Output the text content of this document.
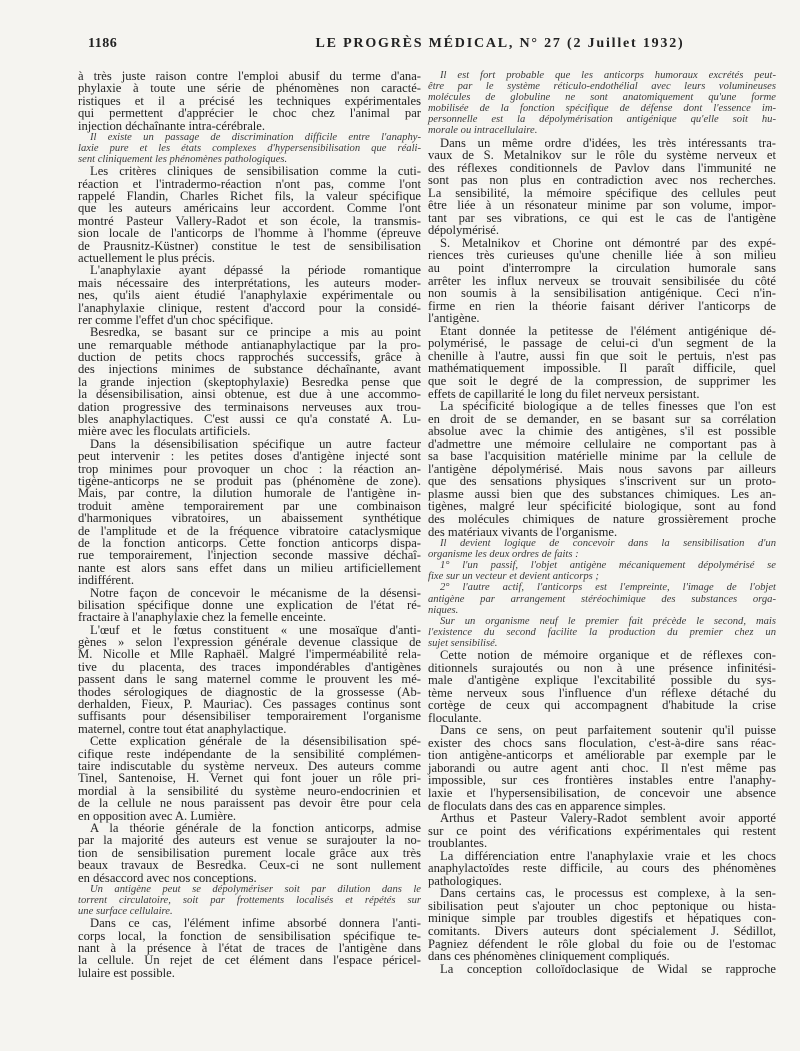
1186	LE PROGRÈS MÉDICAL, N° 27 (2 Juillet 1932)
à très juste raison contre l'emploi abusif du terme d'ana-
phylaxie à toute une série de phénomènes non caracté-
ristiques et il a précisé les techniques expérimentales
qui permettent d'apprécier le choc chez l'animal par
injection déchaînante intra-cérébrale.
Il existe un passage de discrimination difficile entre l'anaphy-
laxie pure et les états complexes d'hypersensibilisation que réali-
sent cliniquement les phénomènes pathologiques.
Les critères cliniques de sensibilisation comme la cuti-
réaction et l'intradermo-réaction n'ont pas, comme l'ont
rappelé Flandin, Charles Richet fils, la valeur spécifique
que les auteurs américains leur accordent. Comme l'ont
montré Pasteur Vallery-Radot et son école, la transmis-
sion locale de l'anticorps de l'homme à l'homme (épreuve
de Prausnitz-Küstner) constitue le test de sensibilisation
actuellement le plus précis.
L'anaphylaxie ayant dépassé la période romantique
mais nécessaire des interprétations, les auteurs moder-
nes, qu'ils aient étudié l'anaphylaxie expérimentale ou
l'anaphylaxie clinique, restent d'accord pour la considé-
rer comme l'effet d'un choc spécifique.
Besredka, se basant sur ce principe a mis au point
une remarquable méthode antianaphylactique par la pro-
duction de petits chocs rapprochés successifs, grâce à
des injections minimes de substance déchaînante, avant
la grande injection (skeptophylaxie) Besredka pense que
la désensibilisation, ainsi obtenue, est due à une accommo-
dation progressive des terminaisons nerveuses aux trou-
bles anaphylactiques. C'est aussi ce qu'a constaté A. Lu-
mière avec les floculats artificiels.
Dans la désensibilisation spécifique un autre facteur
peut intervenir : les petites doses d'antigène injecté sont
trop minimes pour provoquer un choc : la réaction an-
tigène-anticorps ne se produit pas (phénomène de zone).
Mais, par contre, la dilution humorale de l'antigène in-
troduit amène temporairement par une combinaison
d'harmoniques vibratoires, un abaissement synthétique
de l'amplitude et de la fréquence vibratoire cataclysmique
de la fonction anticorps. Cette fonction anticorps dispa-
rue temporairement, l'injection seconde massive déchaî-
nante est alors sans effet dans un milieu artificiellement
indifférent.
Notre façon de concevoir le mécanisme de la désensi-
bilisation spécifique donne une explication de l'état ré-
fractaire à l'anaphylaxie chez la femelle enceinte.
L'œuf et le fœtus constituent « une mosaïque d'anti-
gènes » selon l'expression générale devenue classique de
M. Nicolle et Mlle Raphaël. Malgré l'imperméabilité rela-
tive du placenta, des traces impondérables d'antigènes
passent dans le sang maternel comme le prouvent les mé-
thodes sérologiques de diagnostic de la grossesse (Ab-
derhalden, Fieux, P. Mauriac). Ces passages continus sont
suffisants pour désensibiliser temporairement l'organisme
maternel, contre tout état anaphylactique.
Cette explication générale de la désensibilisation spé-
cifique reste indépendante de la sensibilité complémen-
taire indiscutable du système nerveux. Des auteurs comme
Tinel, Santenoise, H. Vernet qui font jouer un rôle pri-
mordial à la sensibilité du système neuro-endocrinien et
de la cellule ne nous paraissent pas devoir être pour cela
en opposition avec A. Lumière.
A la théorie générale de la fonction anticorps, admise
par la majorité des auteurs est venue se surajouter la no-
tion de sensibilisation purement locale grâce aux très
beaux travaux de Besredka. Ceux-ci ne sont nullement
en désaccord avec nos conceptions.
Un antigène peut se dépolymériser soit par dilution dans le
torrent circulatoire, soit par frottements localisés et répétés sur
une surface cellulaire.
Dans ce cas, l'élément infime absorbé donnera l'anti-
corps local, la fonction de sensibilisation spécifique te-
nant à la présence à l'état de traces de l'antigène dans
la cellule. Un rejet de cet élément dans l'espace péricel-
lulaire est possible.
Il est fort probable que les anticorps humoraux excrétés peut-
être par le système réticulo-endothélial avec leurs volumineuses
molécules de globuline ne sont anatomiquement qu'une forme
mobilisée de la fonction spécifique de défense dont l'essence im-
personnelle est la dépolymérisation antigénique qu'elle soit hu-
morale ou intracellulaire.
Dans un même ordre d'idées, les très intéressants tra-
vaux de S. Metalnikov sur le rôle du système nerveux et
des réflexes conditionnels de Pavlov dans l'immunité ne
sont pas non plus en contradiction avec nos recherches.
La sensibilité, la mémoire spécifique des cellules peut
être liée à un résonateur minime par son volume, impor-
tant par ses vibrations, ce qui est le cas de l'antigène
dépolymérisé.
S. Metalnikov et Chorine ont démontré par des expé-
riences très curieuses qu'une chenille liée à son milieu
au point d'interrompre la circulation humorale sans
arrêter les influx nerveux se trouvait sensibilisée du côté
non soumis à la sensibilisation antigénique. Ceci n'in-
firme en rien la théorie faisant dériver l'anticorps de
l'antigène.
Etant donnée la petitesse de l'élément antigénique dé-
polymérisé, le passage de celui-ci d'un segment de la
chenille à l'autre, aussi fin que soit le pertuis, n'est pas
mathématiquement impossible. Il paraît difficile, quel
que soit le degré de la compression, de supprimer les
effets de capillarité le long du filet nerveux persistant.
La spécificité biologique a de telles finesses que l'on est
en droit de se demander, en se basant sur sa corrélation
absolue avec la chimie des antigènes, s'il est possible
d'admettre une mémoire cellulaire ne comportant pas à
sa base l'acquisition matérielle minime par la cellule de
l'antigène dépolymérisé. Mais nous savons par ailleurs
que des sensations physiques s'inscrivent sur un proto-
plasme aussi bien que des substances chimiques. Les an-
tigènes, malgré leur spécificité biologique, sont au fond
des molécules chimiques de nature grossièrement proche
des matériaux vivants de l'organisme.
Il devient logique de concevoir dans la sensibilisation d'un
organisme les deux ordres de faits :
1° l'un passif, l'objet antigène mécaniquement dépolymérisé se
fixe sur un vecteur et devient anticorps ;
2° l'autre actif, l'anticorps est l'empreinte, l'image de l'objet
antigène par arrangement stéréochimique des substances orga-
niques.
Sur un organisme neuf le premier fait précède le second, mais
l'existence du second facilite la production du premier chez un
sujet sensibilisé.
Cette notion de mémoire organique et de réflexes con-
ditionnels surajoutés ou non à une présence infinitési-
male d'antigène explique l'excitabilité possible du sys-
tème nerveux sous l'influence d'un réflexe détaché du
cortège de ceux qui accompagnent d'habitude la crise
floculante.
Dans ce sens, on peut parfaitement soutenir qu'il puisse
exister des chocs sans floculation, c'est-à-dire sans réac-
tion antigène-anticorps et améliorable par exemple par le
jaborandi ou autre agent anti choc. Il n'est même pas
impossible, sur ces frontières instables entre l'anaphy-
laxie et l'hypersensibilisation, de concevoir une absence
de floculats dans des cas en apparence simples.
Arthus et Pasteur Valery-Radot semblent avoir apporté
sur ce point des vérifications expérimentales qui restent
troublantes.
La différenciation entre l'anaphylaxie vraie et les chocs
anaphylactoïdes reste difficile, au cours des phénomènes
pathologiques.
Dans certains cas, le processus est complexe, à la sen-
sibilisation peut s'ajouter un choc peptonique ou hista-
minique simple par troubles digestifs et hépatiques con-
comitants. Divers auteurs dont spécialement J. Sédillot,
Pagniez défendent le rôle global du foie ou de l'estomac
dans ces phénomènes cliniquement compliqués.
La conception colloïdoclasique de Widal se rapproche
